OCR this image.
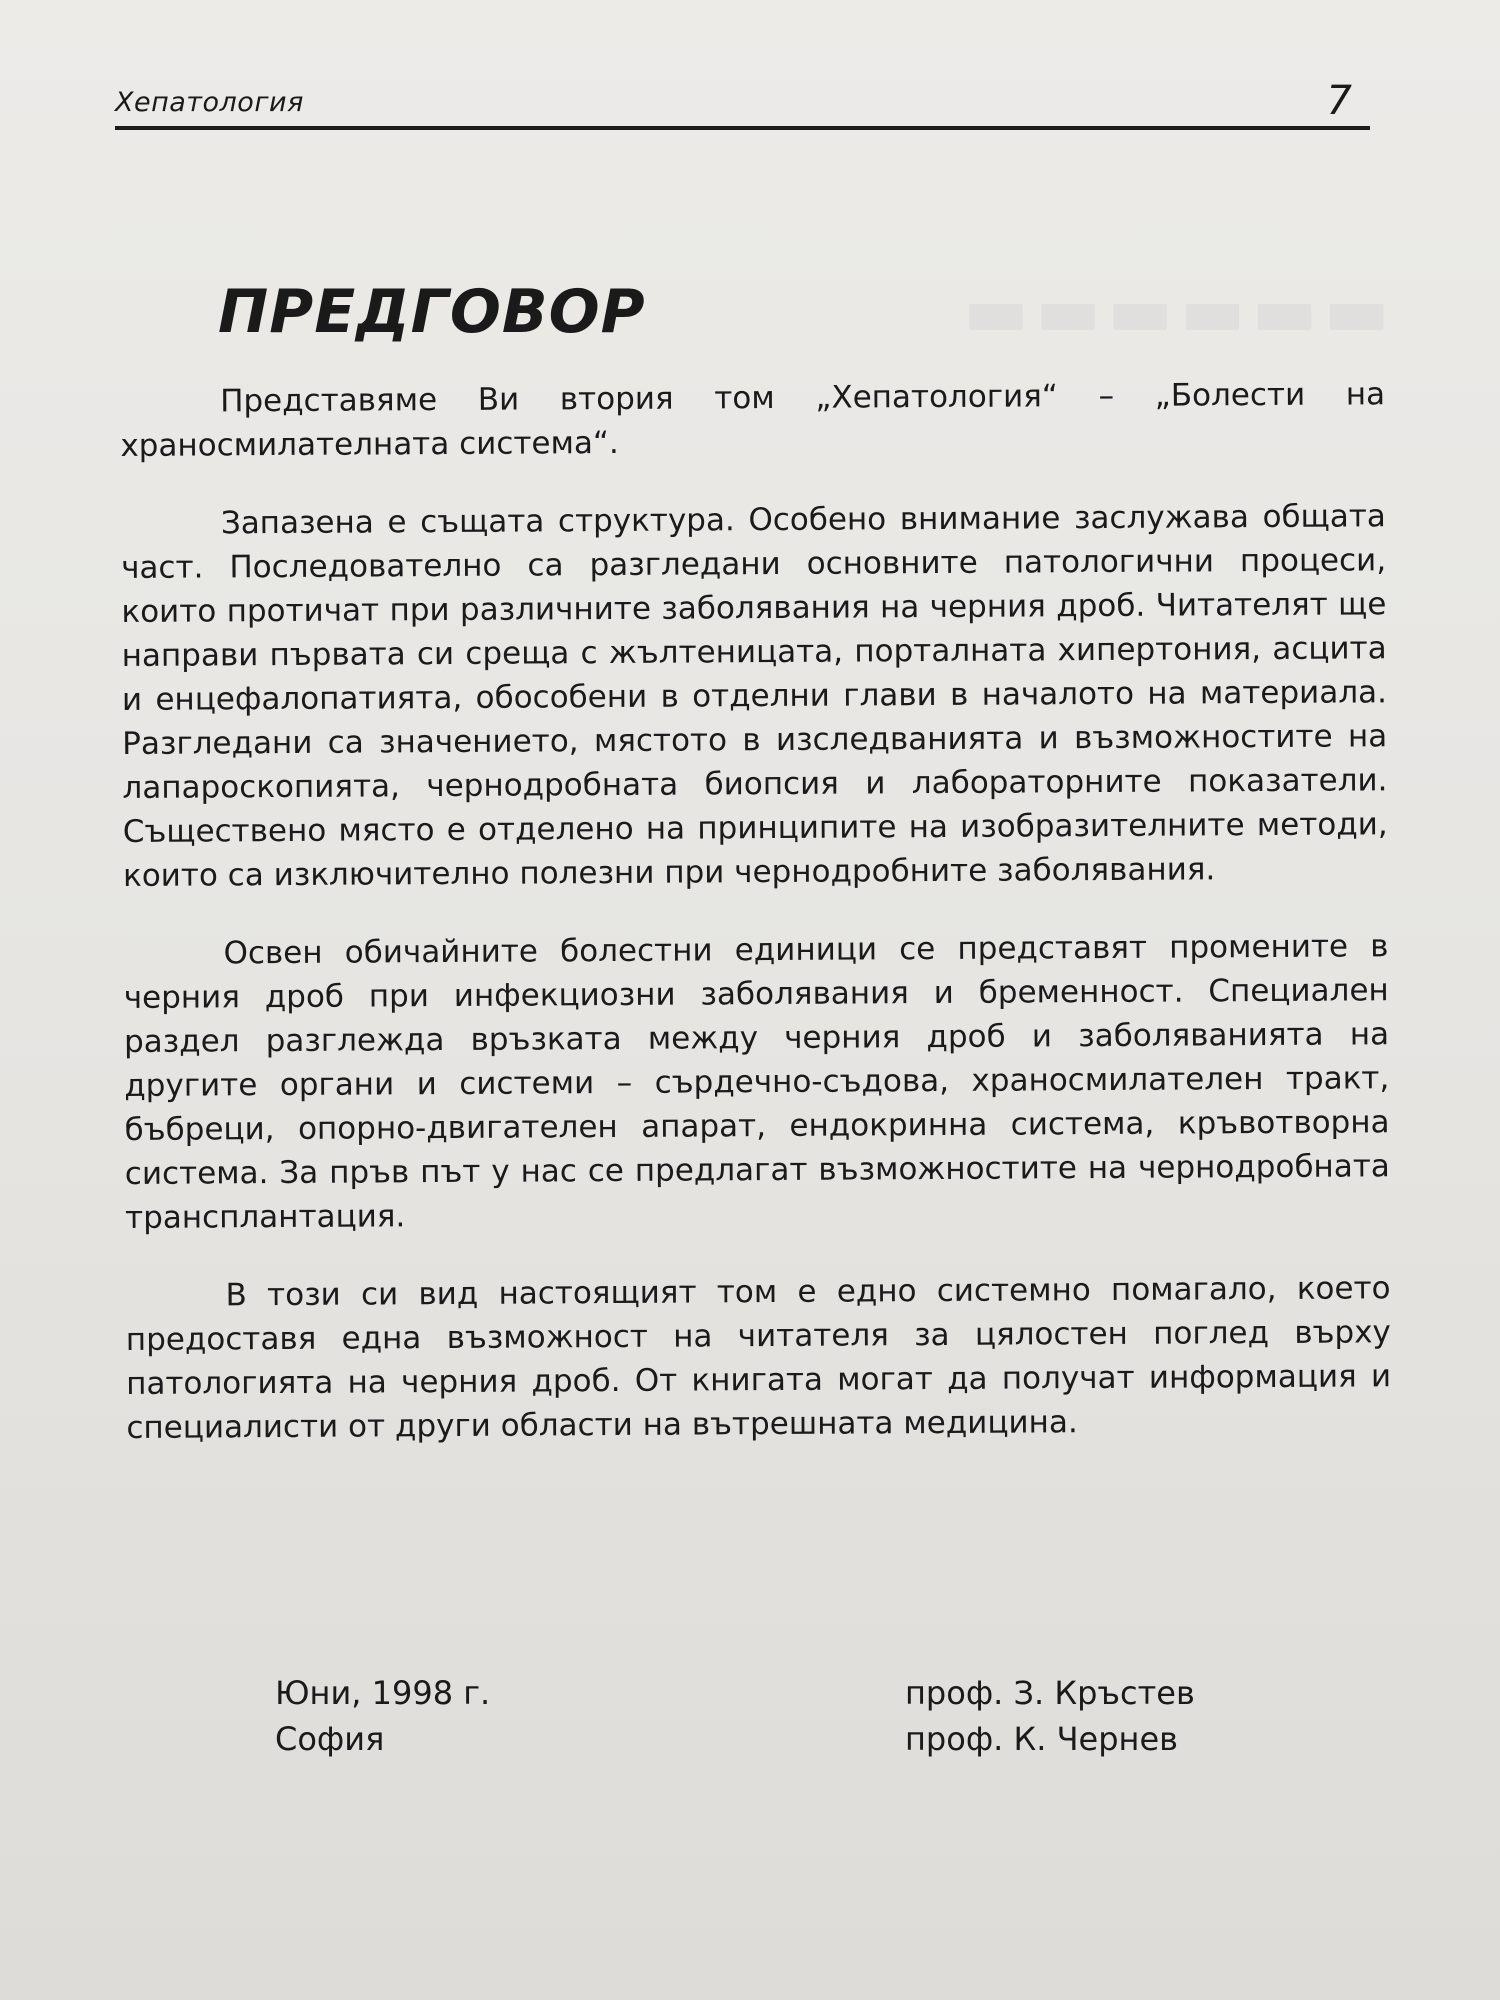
Хепатология	7
ПРЕДГОВОР

Представяме Ви втория том „Хепатология“ – „Болести на храносмилателната система“.

Запазена е същата структура. Особено внимание заслужава общата част. Последователно са разгледани основните патологични процеси, които протичат при различните заболявания на черния дроб. Читателят ще направи първата си среща с жълтеницата, порталната хипертония, асцита и енцефалопатията, обособени в отделни глави в началото на материала. Разгледани са значението, мястото в изследванията и възможностите на лапароскопията, чернодробната биопсия и лабораторните показатели. Съществено място е отделено на принципите на изобразителните методи, които са изключително полезни при чернодробните заболявания.

Освен обичайните болестни единици се представят промените в черния дроб при инфекциозни заболявания и бременност. Специален раздел разглежда връзката между черния дроб и заболяванията на другите органи и системи – сърдечно-съдова, храносмилателен тракт, бъбреци, опорно-двигателен апарат, ендокринна система, кръвотворна система. За пръв път у нас се предлагат възможностите на чернодробната трансплантация.

В този си вид настоящият том е едно системно помагало, което предоставя една възможност на читателя за цялостен поглед върху патологията на черния дроб. От книгата могат да получат информация и специалисти от други области на вътрешната медицина.

Юни, 1998 г.
София
проф. З. Кръстев
проф. К. Чернев
